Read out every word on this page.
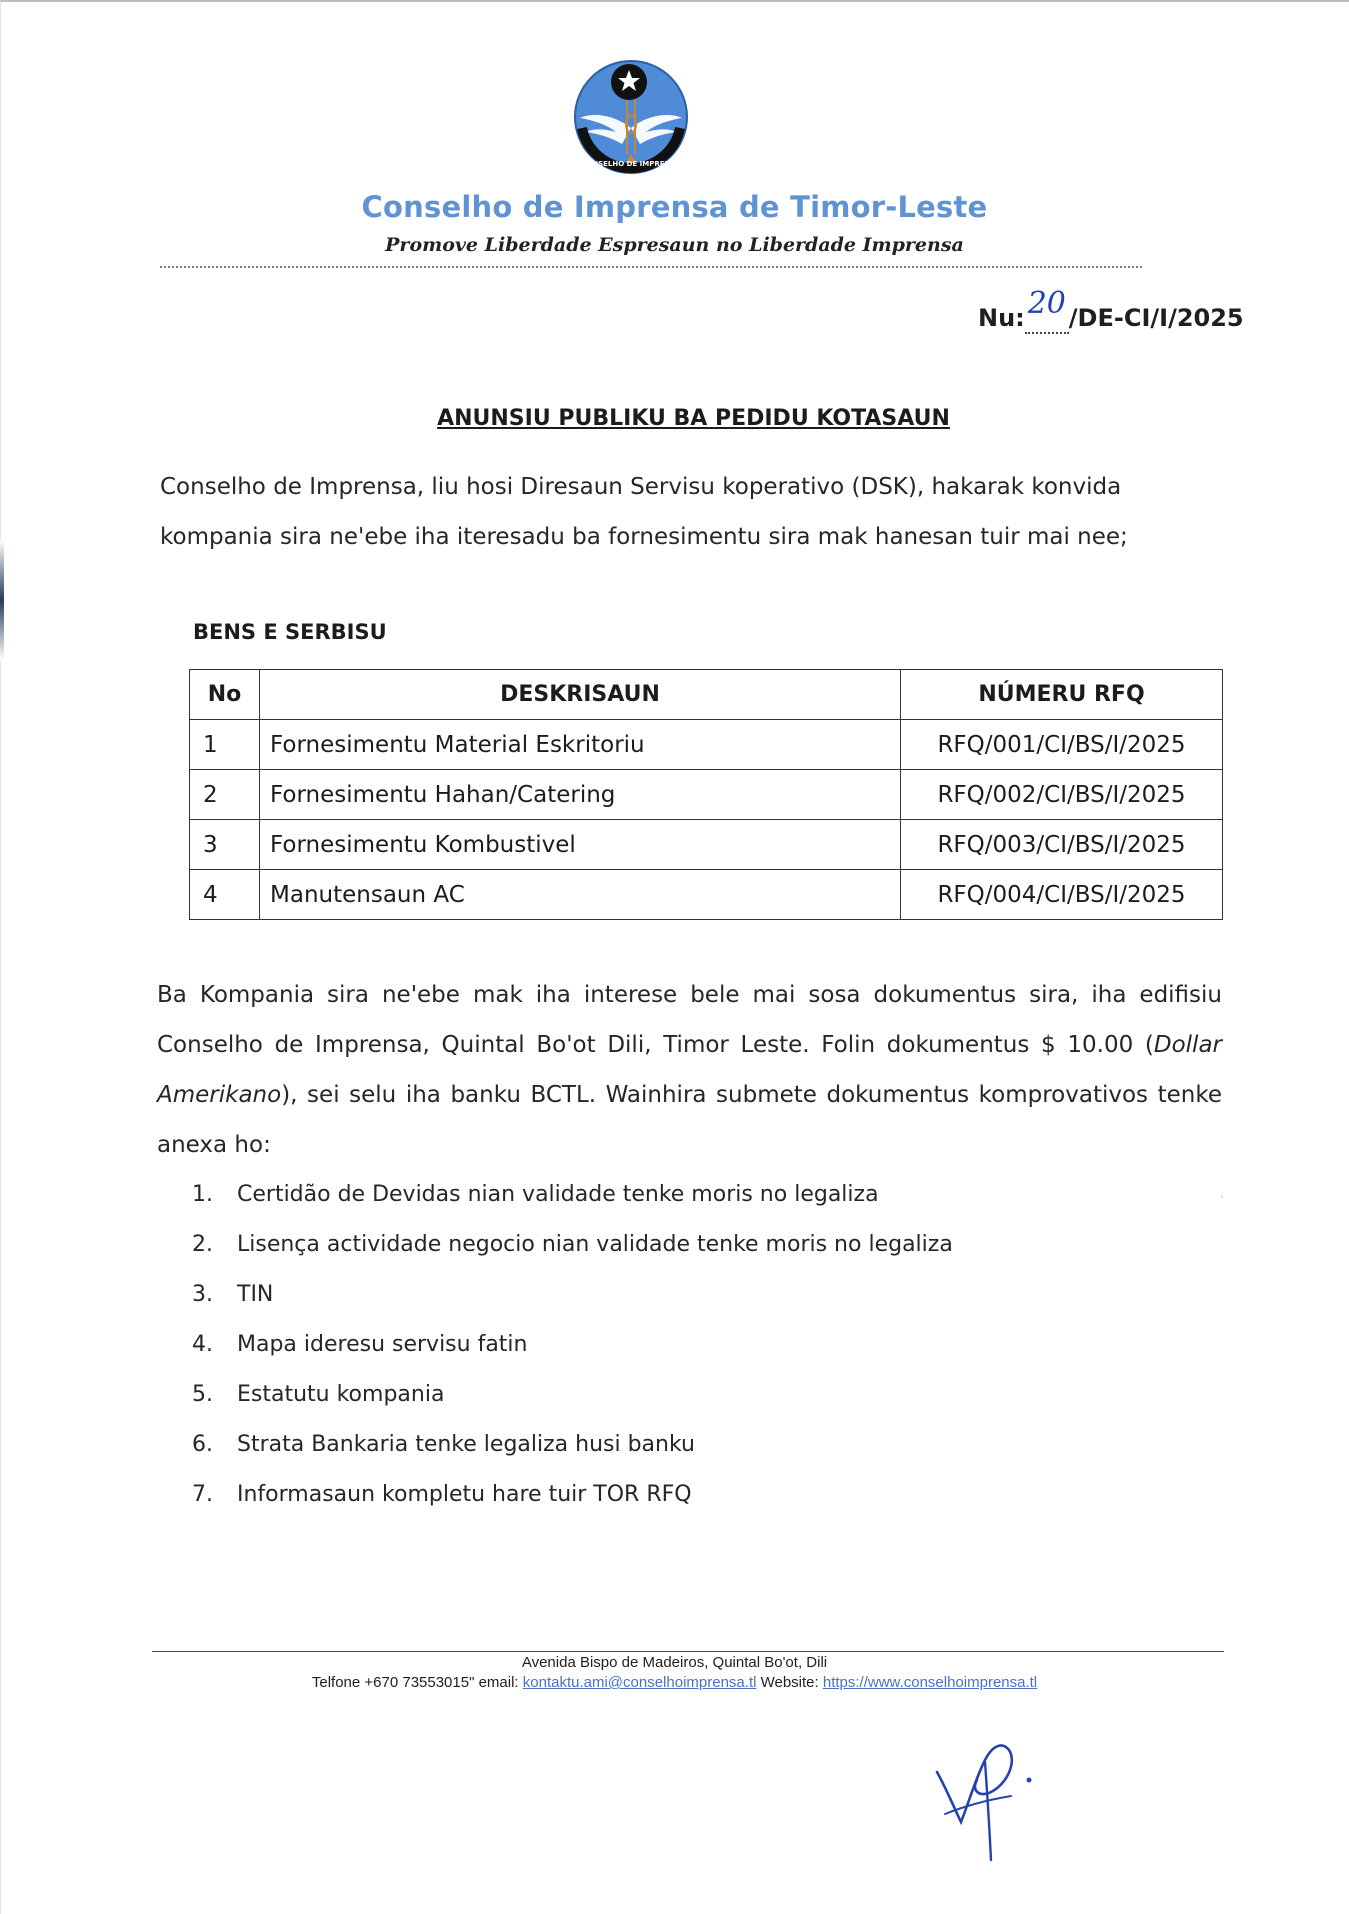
CONSELHO DE IMPRENSA
Conselho de Imprensa de Timor-Leste
Promove Liberdade Espresaun no Liberdade Imprensa
Nu: 20 /DE-CI/I/2025
ANUNSIU PUBLIKU BA PEDIDU KOTASAUN
Conselho de Imprensa, liu hosi Diresaun Servisu koperativo (DSK), hakarak konvida kompania sira ne'ebe iha iteresadu ba fornesimentu sira mak hanesan tuir mai nee;
BENS E SERBISU
No	DESKRISAUN	NÚMERU RFQ
1	Fornesimentu Material Eskritoriu	RFQ/001/CI/BS/I/2025
2	Fornesimentu Hahan/Catering	RFQ/002/CI/BS/I/2025
3	Fornesimentu Kombustivel	RFQ/003/CI/BS/I/2025
4	Manutensaun AC	RFQ/004/CI/BS/I/2025
Ba Kompania sira ne'ebe mak iha interese bele mai sosa dokumentus sira, iha edifisiu Conselho de Imprensa, Quintal Bo'ot Dili, Timor Leste. Folin dokumentus $ 10.00 (Dollar Amerikano), sei selu iha banku BCTL. Wainhira submete dokumentus komprovativos tenke anexa ho:
1.	Certidão de Devidas nian validade tenke moris no legaliza
2.	Lisença actividade negocio nian validade tenke moris no legaliza
3.	TIN
4.	Mapa ideresu servisu fatin
5.	Estatutu kompania
6.	Strata Bankaria tenke legaliza husi banku
7.	Informasaun kompletu hare tuir TOR RFQ
Avenida Bispo de Madeiros, Quintal Bo'ot, Dili
Telfone +670 73553015" email: kontaktu.ami@conselhoimprensa.tl Website: https://www.conselhoimprensa.tl
·
